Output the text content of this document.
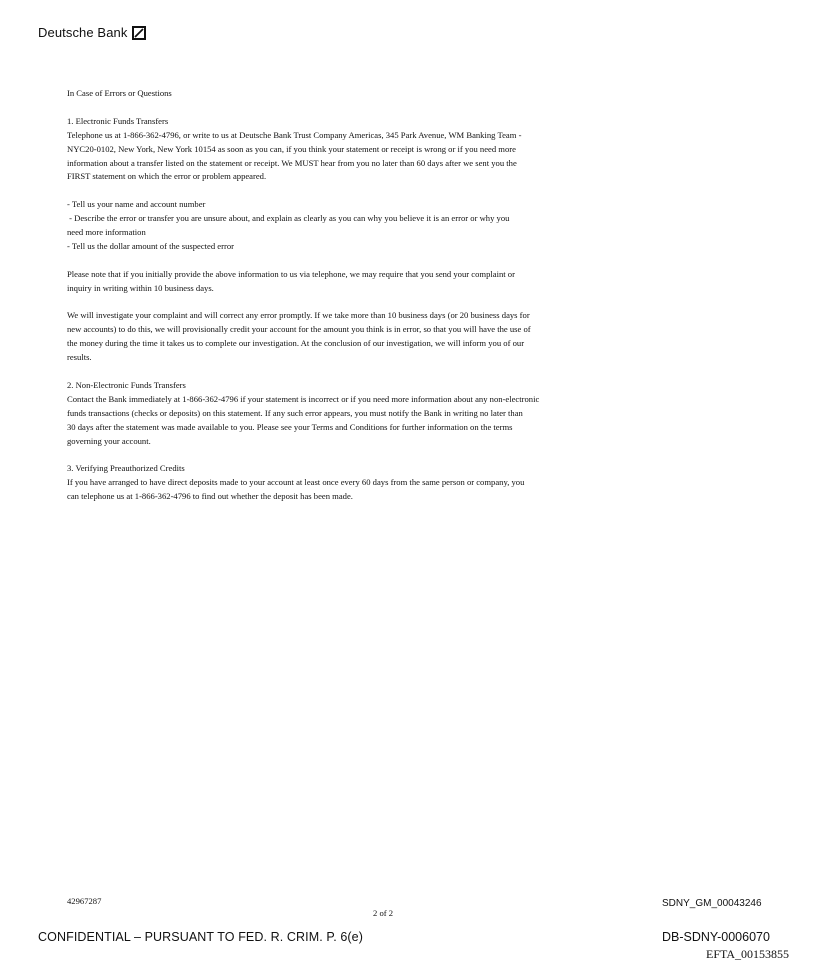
Deutsche Bank

In Case of Errors or Questions

1. Electronic Funds Transfers
Telephone us at 1-866-362-4796, or write to us at Deutsche Bank Trust Company Americas, 345 Park Avenue, WM Banking Team -
NYC20-0102, New York, New York 10154 as soon as you can, if you think your statement or receipt is wrong or if you need more
information about a transfer listed on the statement or receipt. We MUST hear from you no later than 60 days after we sent you the
FIRST statement on which the error or problem appeared.
- Tell us your name and account number
- Describe the error or transfer you are unsure about, and explain as clearly as you can why you believe it is an error or why you
need more information
- Tell us the dollar amount of the suspected error
Please note that if you initially provide the above information to us via telephone, we may require that you send your complaint or
inquiry in writing within 10 business days.
We will investigate your complaint and will correct any error promptly. If we take more than 10 business days (or 20 business days for
new accounts) to do this, we will provisionally credit your account for the amount you think is in error, so that you will have the use of
the money during the time it takes us to complete our investigation. At the conclusion of our investigation, we will inform you of our
results.
2. Non-Electronic Funds Transfers
Contact the Bank immediately at 1-866-362-4796 if your statement is incorrect or if you need more information about any non-electronic
funds transactions (checks or deposits) on this statement. If any such error appears, you must notify the Bank in writing no later than
30 days after the statement was made available to you. Please see your Terms and Conditions for further information on the terms
governing your account.
3. Verifying Preauthorized Credits
If you have arranged to have direct deposits made to your account at least once every 60 days from the same person or company, you
can telephone us at 1-866-362-4796 to find out whether the deposit has been made.
42967287
2 of 2
SDNY_GM_00043246
CONFIDENTIAL – PURSUANT TO FED. R. CRIM. P. 6(e)	DB-SDNY-0006070
EFTA_00153855
